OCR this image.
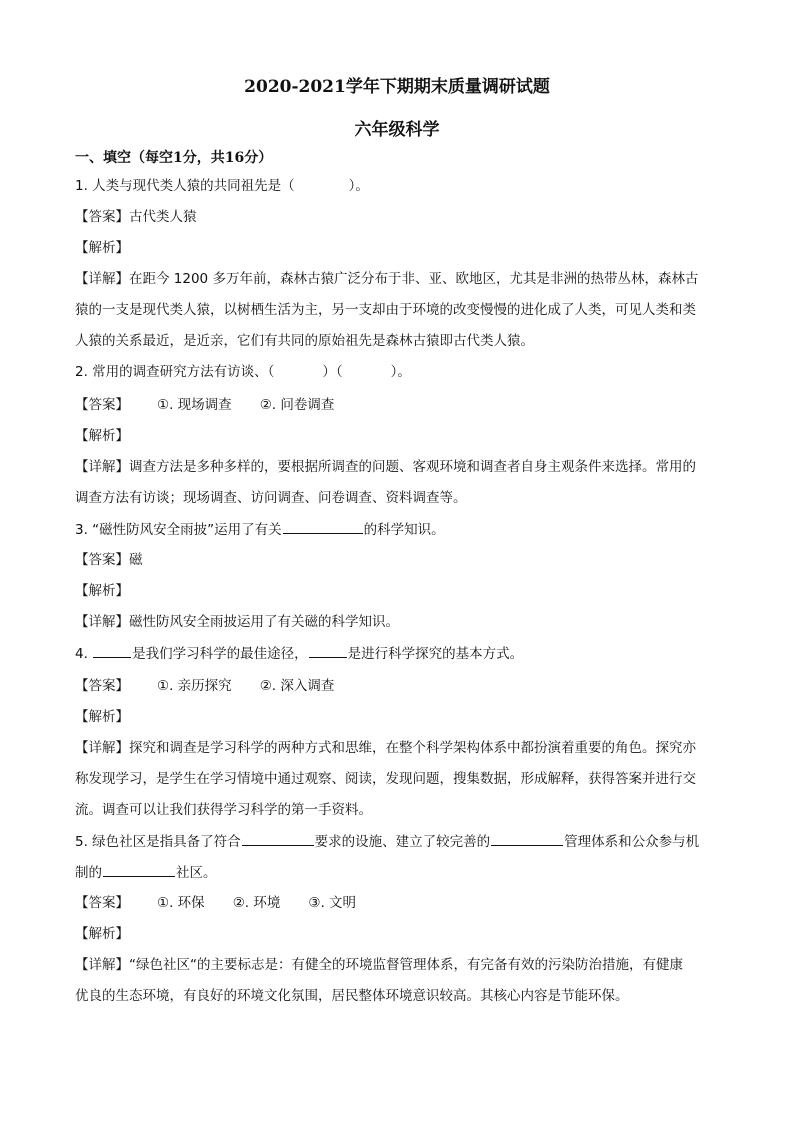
2020-2021学年下期期末质量调研试题
六年级科学
一、填空（每空1分，共16分）
1. 人类与现代类人猿的共同祖先是（	）。
【答案】古代类人猿
【解析】
【详解】在距今 1200 多万年前，森林古猿广泛分布于非、亚、欧地区，尤其是非洲的热带丛林，森林古
猿的一支是现代类人猿，以树栖生活为主，另一支却由于环境的改变慢慢的进化成了人类，可见人类和类
人猿的关系最近，是近亲，它们有共同的原始祖先是森林古猿即古代类人猿。
2. 常用的调查研究方法有访谈、（	）（	）。
【答案】 ①. 现场调查 ②. 问卷调查
【解析】
【详解】调查方法是多种多样的，要根据所调查的问题、客观环境和调查者自身主观条件来选择。常用的
调查方法有访谈；现场调查、访问调查、问卷调查、资料调查等。
3. “磁性防风安全雨披”运用了有关	的科学知识。
【答案】磁
【解析】
【详解】磁性防风安全雨披运用了有关磁的科学知识。
4.	是我们学习科学的最佳途径，	是进行科学探究的基本方式。
【答案】 ①. 亲历探究 ②. 深入调查
【解析】
【详解】探究和调查是学习科学的两种方式和思维，在整个科学架构体系中都扮演着重要的角色。探究亦
称发现学习，是学生在学习情境中通过观察、阅读，发现问题，搜集数据，形成解释，获得答案并进行交
流。调查可以让我们获得学习科学的第一手资料。
5. 绿色社区是指具备了符合	要求的设施、建立了较完善的	管理体系和公众参与机
制的	社区。
【答案】 ①. 环保 ②. 环境 ③. 文明
【解析】
【详解】“绿色社区“的主要标志是：有健全的环境监督管理体系，有完备有效的污染防治措施，有健康
优良的生态环境，有良好的环境文化氛围，居民整体环境意识较高。其核心内容是节能环保。
